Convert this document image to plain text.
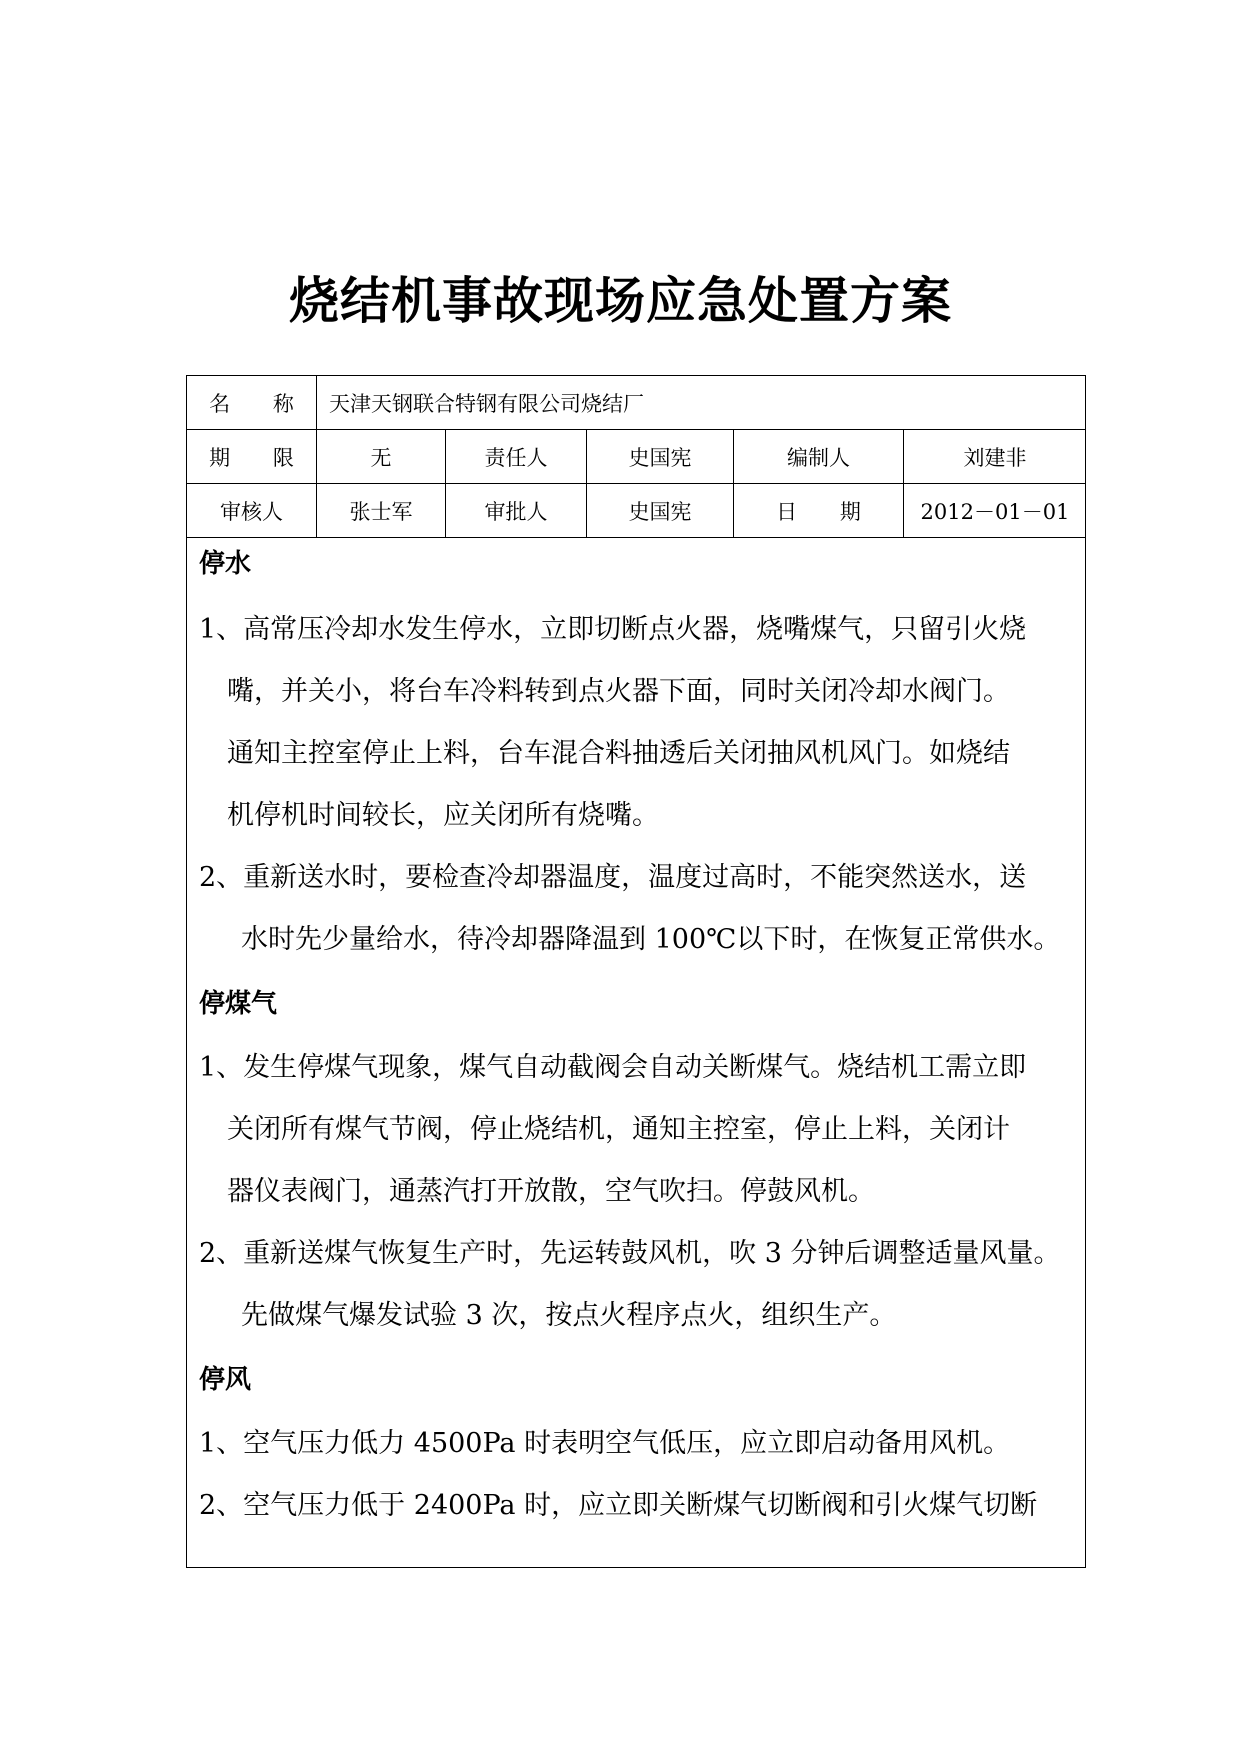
烧结机事故现场应急处置方案
名 称 天津天钢联合特钢有限公司烧结厂
期 限	无	责任人	史国宪	编制人	刘建非
审核人	张士军	审批人	史国宪	日 期	2012－01－01
停水
1、高常压冷却水发生停水，立即切断点火器，烧嘴煤气，只留引火烧
嘴，并关小，将台车冷料转到点火器下面，同时关闭冷却水阀门。
通知主控室停止上料，台车混合料抽透后关闭抽风机风门。如烧结
机停机时间较长，应关闭所有烧嘴。
2、重新送水时，要检查冷却器温度，温度过高时，不能突然送水，送
水时先少量给水，待冷却器降温到 100℃以下时，在恢复正常供水。
停煤气
1、发生停煤气现象，煤气自动截阀会自动关断煤气。烧结机工需立即
关闭所有煤气节阀，停止烧结机，通知主控室，停止上料，关闭计
器仪表阀门，通蒸汽打开放散，空气吹扫。停鼓风机。
2、重新送煤气恢复生产时，先运转鼓风机，吹 3 分钟后调整适量风量。
先做煤气爆发试验 3 次，按点火程序点火，组织生产。
停风
1、空气压力低力 4500Pa 时表明空气低压，应立即启动备用风机。
2、空气压力低于 2400Pa 时，应立即关断煤气切断阀和引火煤气切断
